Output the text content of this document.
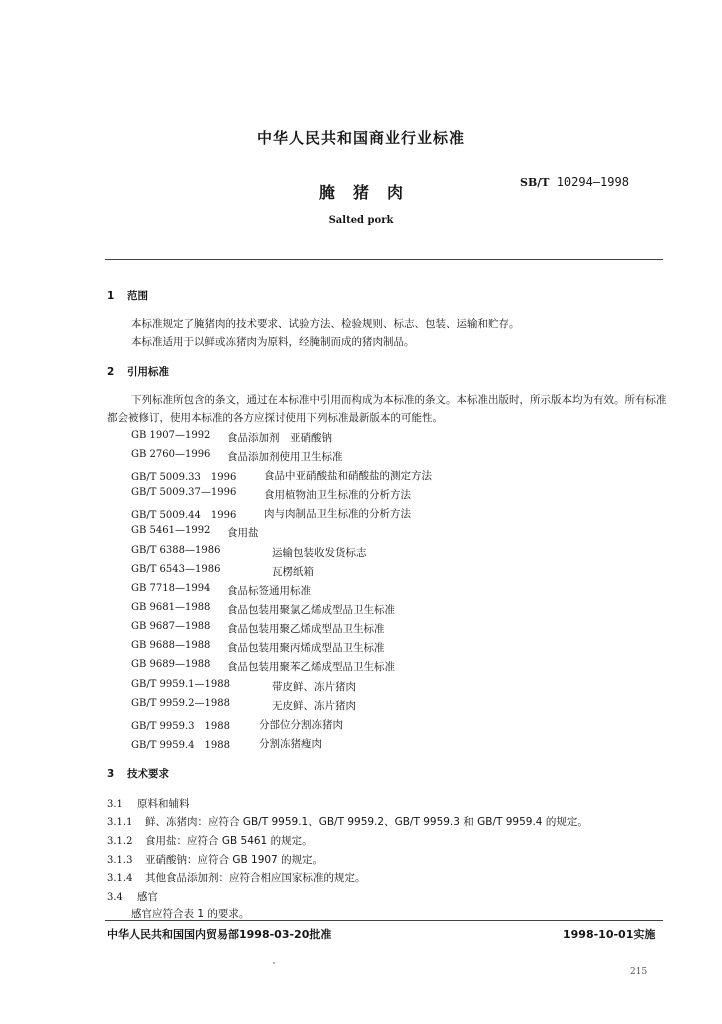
中华人民共和国商业行业标准
腌 猪 肉
SB/T 10294—1998
Salted pork
1 范围
本标准规定了腌猪肉的技术要求、试验方法、检验规则、标志、包装、运输和贮存。
本标准适用于以鲜或冻猪肉为原料，经腌制而成的猪肉制品。
2 引用标准
下列标准所包含的条文，通过在本标准中引用而构成为本标准的条文。本标准出版时，所示版本均为有效。所有标准都会被修订，使用本标准的各方应探讨使用下列标准最新版本的可能性。
GB 1907—1992	食品添加剂　亚硝酸钠
GB 2760—1996	食品添加剂使用卫生标准
GB/T 5009.33　1996	食品中亚硝酸盐和硝酸盐的测定方法
GB/T 5009.37—1996	食用植物油卫生标准的分析方法
GB/T 5009.44　1996	肉与肉制品卫生标准的分析方法
GB 5461—1992	食用盐
GB/T 6388—1986	运输包装收发货标志
GB/T 6543—1986	瓦楞纸箱
GB 7718—1994	食品标签通用标准
GB 9681—1988	食品包装用聚氯乙烯成型品卫生标准
GB 9687—1988	食品包装用聚乙烯成型品卫生标准
GB 9688—1988	食品包装用聚丙烯成型品卫生标准
GB 9689—1988	食品包装用聚苯乙烯成型品卫生标准
GB/T 9959.1—1988	带皮鲜、冻片猪肉
GB/T 9959.2—1988	无皮鲜、冻片猪肉
GB/T 9959.3　1988	分部位分割冻猪肉
GB/T 9959.4　1988	分割冻猪瘦肉
3 技术要求
3.1 原料和辅料
3.1.1 鲜、冻猪肉：应符合 GB/T 9959.1、GB/T 9959.2、GB/T 9959.3 和 GB/T 9959.4 的规定。
3.1.2 食用盐：应符合 GB 5461 的规定。
3.1.3 亚硝酸钠：应符合 GB 1907 的规定。
3.1.4 其他食品添加剂：应符合相应国家标准的规定。
3.4 感官
感官应符合表 1 的要求。
中华人民共和国国内贸易部1998-03-20批准	1998-10-01实施
215
